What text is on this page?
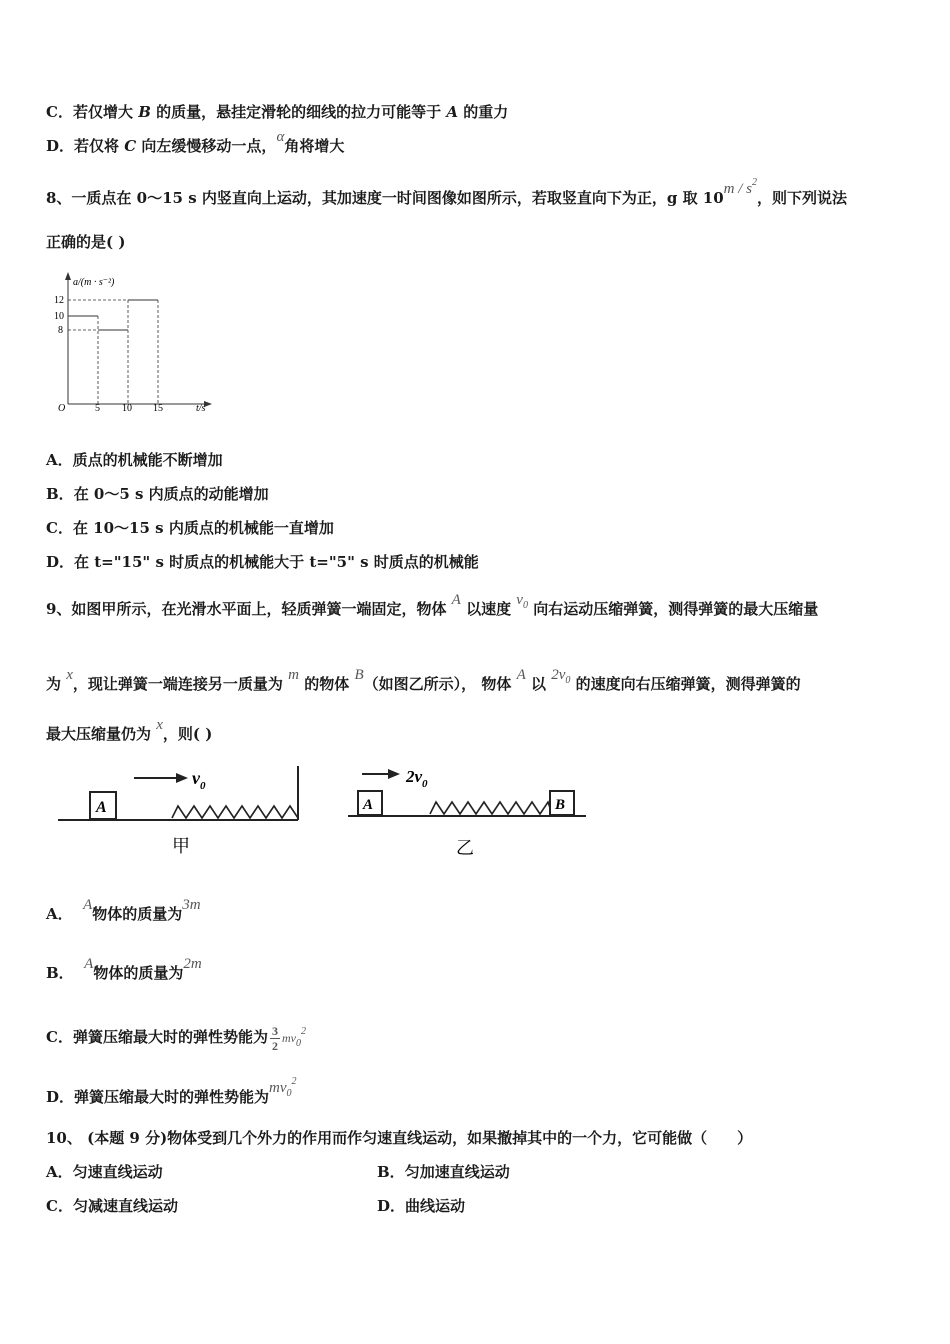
C．若仅增大 B 的质量，悬挂定滑轮的细线的拉力可能等于 A 的重力
D．若仅将 C 向左缓慢移动一点，α角将增大
8、一质点在 0～15 s 内竖直向上运动，其加速度一时间图像如图所示，若取竖直向下为正，g 取 $10m / s^2$，则下列说法
正确的是( )
a/(m · s⁻²)
O	t/s
12
10
8
5 10 15
A．质点的机械能不断增加
B．在 0～5 s 内质点的动能增加
C．在 10～15 s 内质点的机械能一直增加
D．在 t="15" s 时质点的机械能大于 t="5" s 时质点的机械能
9、如图甲所示，在光滑水平面上，轻质弹簧一端固定，物体 A 以速度 $v_0$ 向右运动压缩弹簧，测得弹簧的最大压缩量
为 x，现让弹簧一端连接另一质量为 m 的物体 B（如图乙所示）， 物体 A 以 $2v_0$ 的速度向右压缩弹簧，测得弹簧的
最大压缩量仍为 x，则( )
A
$v_0$
甲
A	B
$2v_0$
乙
A． A物体的质量为3m
B． A物体的质量为2m
C．弹簧压缩最大时的弹性势能为 $\frac{3}{2} mv_0^2$
D．弹簧压缩最大时的弹性势能为$mv_0^2$
10、 (本题 9 分)物体受到几个外力的作用而作匀速直线运动，如果撤掉其中的一个力，它可能做（　　）
A．匀速直线运动	B．匀加速直线运动
C．匀减速直线运动	D．曲线运动
